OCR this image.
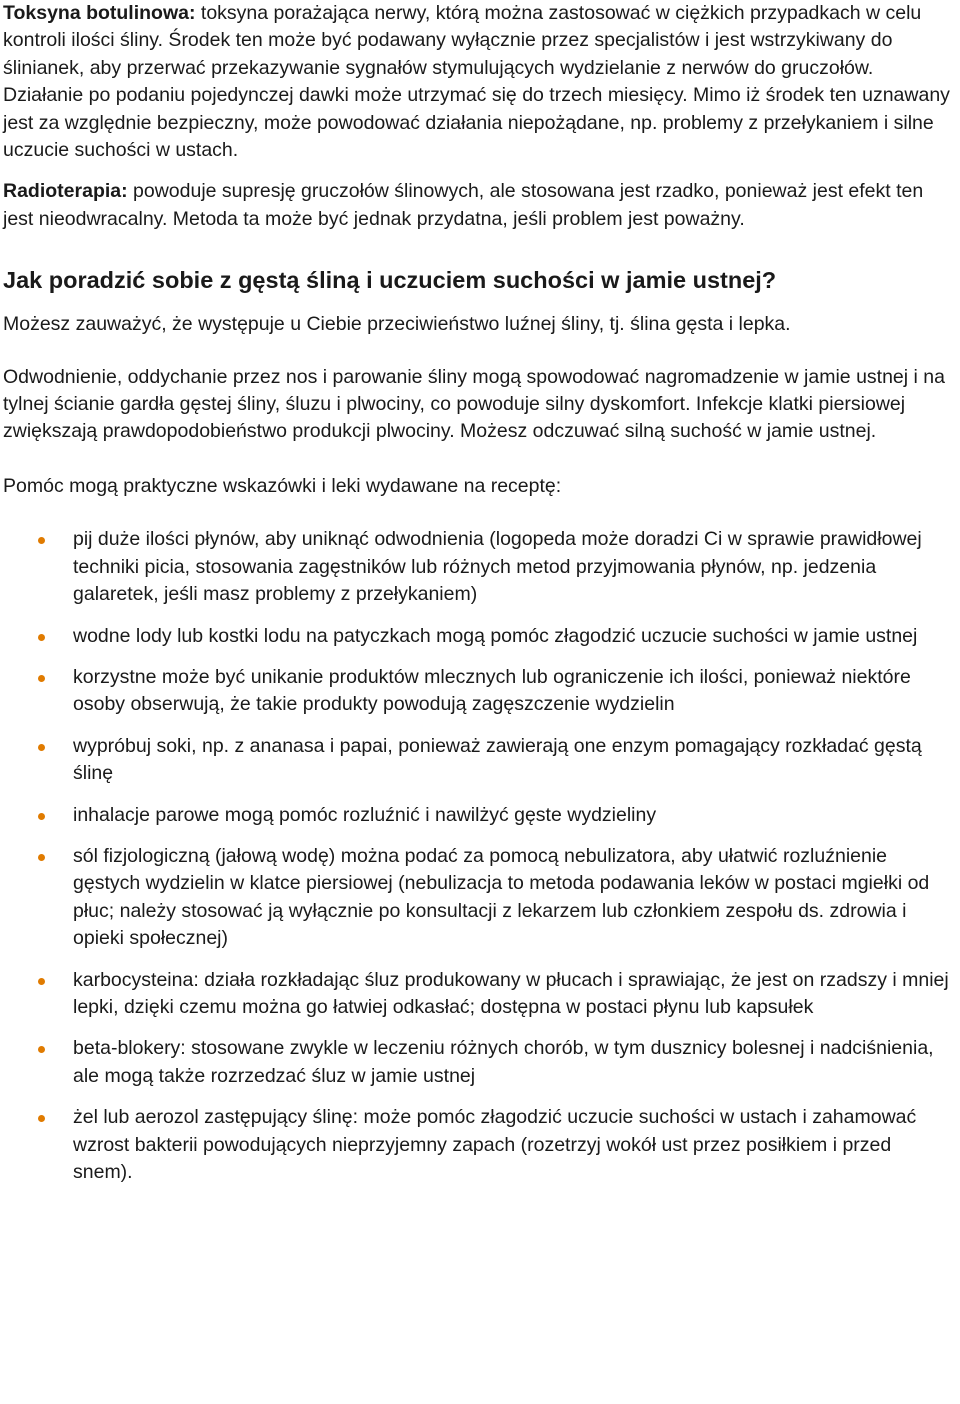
Toksyna botulinowa: toksyna porażająca nerwy, którą można zastosować w ciężkich przypadkach w celu kontroli ilości śliny. Środek ten może być podawany wyłącznie przez specjalistów i jest wstrzykiwany do ślinianek, aby przerwać przekazywanie sygnałów stymulujących wydzielanie z nerwów do gruczołów. Działanie po podaniu pojedynczej dawki może utrzymać się do trzech miesięcy. Mimo iż środek ten uznawany jest za względnie bezpieczny, może powodować działania niepożądane, np. problemy z przełykaniem i silne uczucie suchości w ustach.

Radioterapia: powoduje supresję gruczołów ślinowych, ale stosowana jest rzadko, ponieważ jest efekt ten jest nieodwracalny. Metoda ta może być jednak przydatna, jeśli problem jest poważny.

Jak poradzić sobie z gęstą śliną i uczuciem suchości w jamie ustnej?

Możesz zauważyć, że występuje u Ciebie przeciwieństwo luźnej śliny, tj. ślina gęsta i lepka.

Odwodnienie, oddychanie przez nos i parowanie śliny mogą spowodować nagromadzenie w jamie ustnej i na tylnej ścianie gardła gęstej śliny, śluzu i plwociny, co powoduje silny dyskomfort. Infekcje klatki piersiowej zwiększają prawdopodobieństwo produkcji plwociny. Możesz odczuwać silną suchość w jamie ustnej.

Pomóc mogą praktyczne wskazówki i leki wydawane na receptę:

pij duże ilości płynów, aby uniknąć odwodnienia (logopeda może doradzi Ci w sprawie prawidłowej techniki picia, stosowania zagęstników lub różnych metod przyjmowania płynów, np. jedzenia galaretek, jeśli masz problemy z przełykaniem)
wodne lody lub kostki lodu na patyczkach mogą pomóc złagodzić uczucie suchości w jamie ustnej
korzystne może być unikanie produktów mlecznych lub ograniczenie ich ilości, ponieważ niektóre osoby obserwują, że takie produkty powodują zagęszczenie wydzielin
wypróbuj soki, np. z ananasa i papai, ponieważ zawierają one enzym pomagający rozkładać gęstą ślinę
inhalacje parowe mogą pomóc rozluźnić i nawilżyć gęste wydzieliny
sól fizjologiczną (jałową wodę) można podać za pomocą nebulizatora, aby ułatwić rozluźnienie gęstych wydzielin w klatce piersiowej (nebulizacja to metoda podawania leków w postaci mgiełki od płuc; należy stosować ją wyłącznie po konsultacji z lekarzem lub członkiem zespołu ds. zdrowia i opieki społecznej)
karbocysteina: działa rozkładając śluz produkowany w płucach i sprawiając, że jest on rzadszy i mniej lepki, dzięki czemu można go łatwiej odkasłać; dostępna w postaci płynu lub kapsułek
beta-blokery: stosowane zwykle w leczeniu różnych chorób, w tym dusznicy bolesnej i nadciśnienia, ale mogą także rozrzedzać śluz w jamie ustnej
żel lub aerozol zastępujący ślinę: może pomóc złagodzić uczucie suchości w ustach i zahamować wzrost bakterii powodujących nieprzyjemny zapach (rozetrzyj wokół ust przez posiłkiem i przed snem).
